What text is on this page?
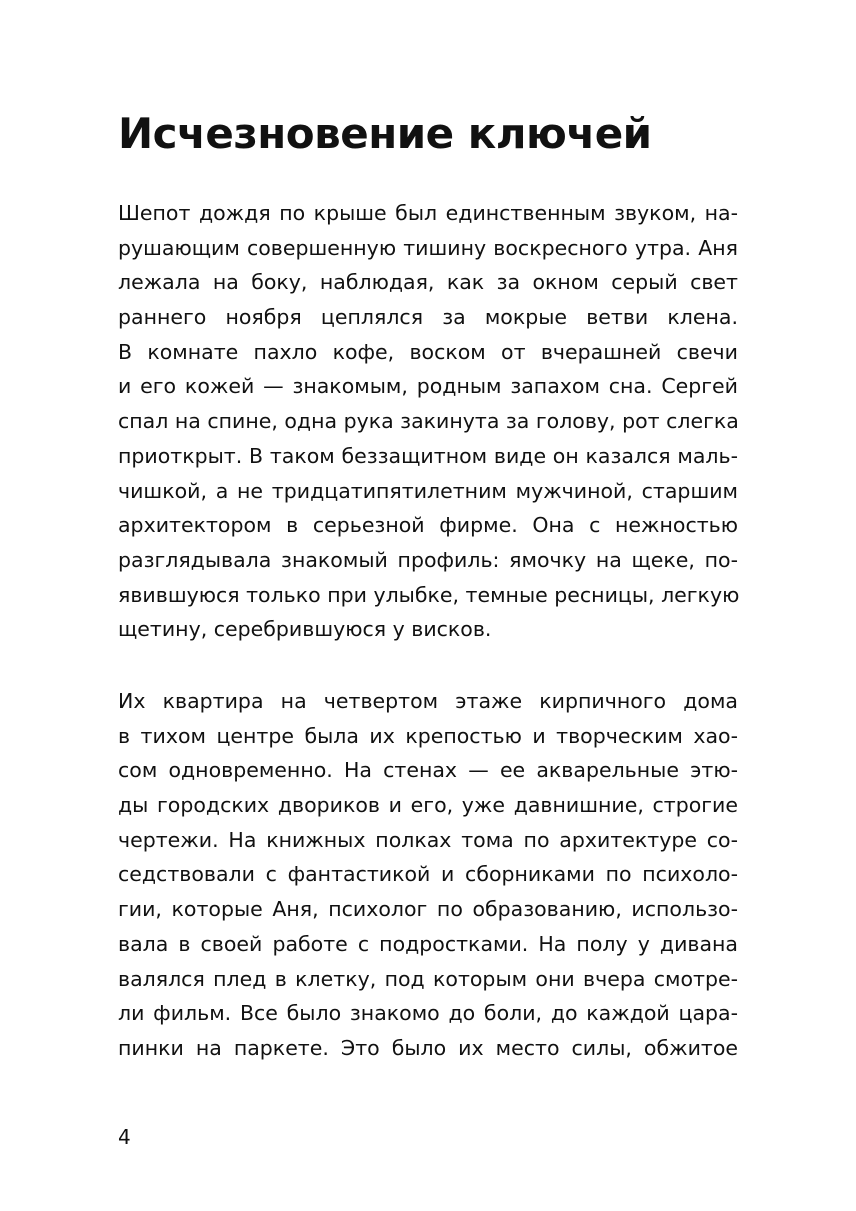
Исчезновение ключей
Шепот дождя по крыше был единственным звуком, на-
рушающим совершенную тишину воскресного утра. Аня
лежала на боку, наблюдая, как за окном серый свет
раннего ноября цеплялся за мокрые ветви клена.
В комнате пахло кофе, воском от вчерашней свечи
и его кожей — знакомым, родным запахом сна. Сергей
спал на спине, одна рука закинута за голову, рот слегка
приоткрыт. В таком беззащитном виде он казался маль-
чишкой, а не тридцатипятилетним мужчиной, старшим
архитектором в серьезной фирме. Она с нежностью
разглядывала знакомый профиль: ямочку на щеке, по-
явившуюся только при улыбке, темные ресницы, легкую
щетину, серебрившуюся у висков.
Их квартира на четвертом этаже кирпичного дома
в тихом центре была их крепостью и творческим хао-
сом одновременно. На стенах — ее акварельные этю-
ды городских двориков и его, уже давнишние, строгие
чертежи. На книжных полках тома по архитектуре со-
седствовали с фантастикой и сборниками по психоло-
гии, которые Аня, психолог по образованию, использо-
вала в своей работе с подростками. На полу у дивана
валялся плед в клетку, под которым они вчера смотре-
ли фильм. Все было знакомо до боли, до каждой цара-
пинки на паркете. Это было их место силы, обжитое
4
